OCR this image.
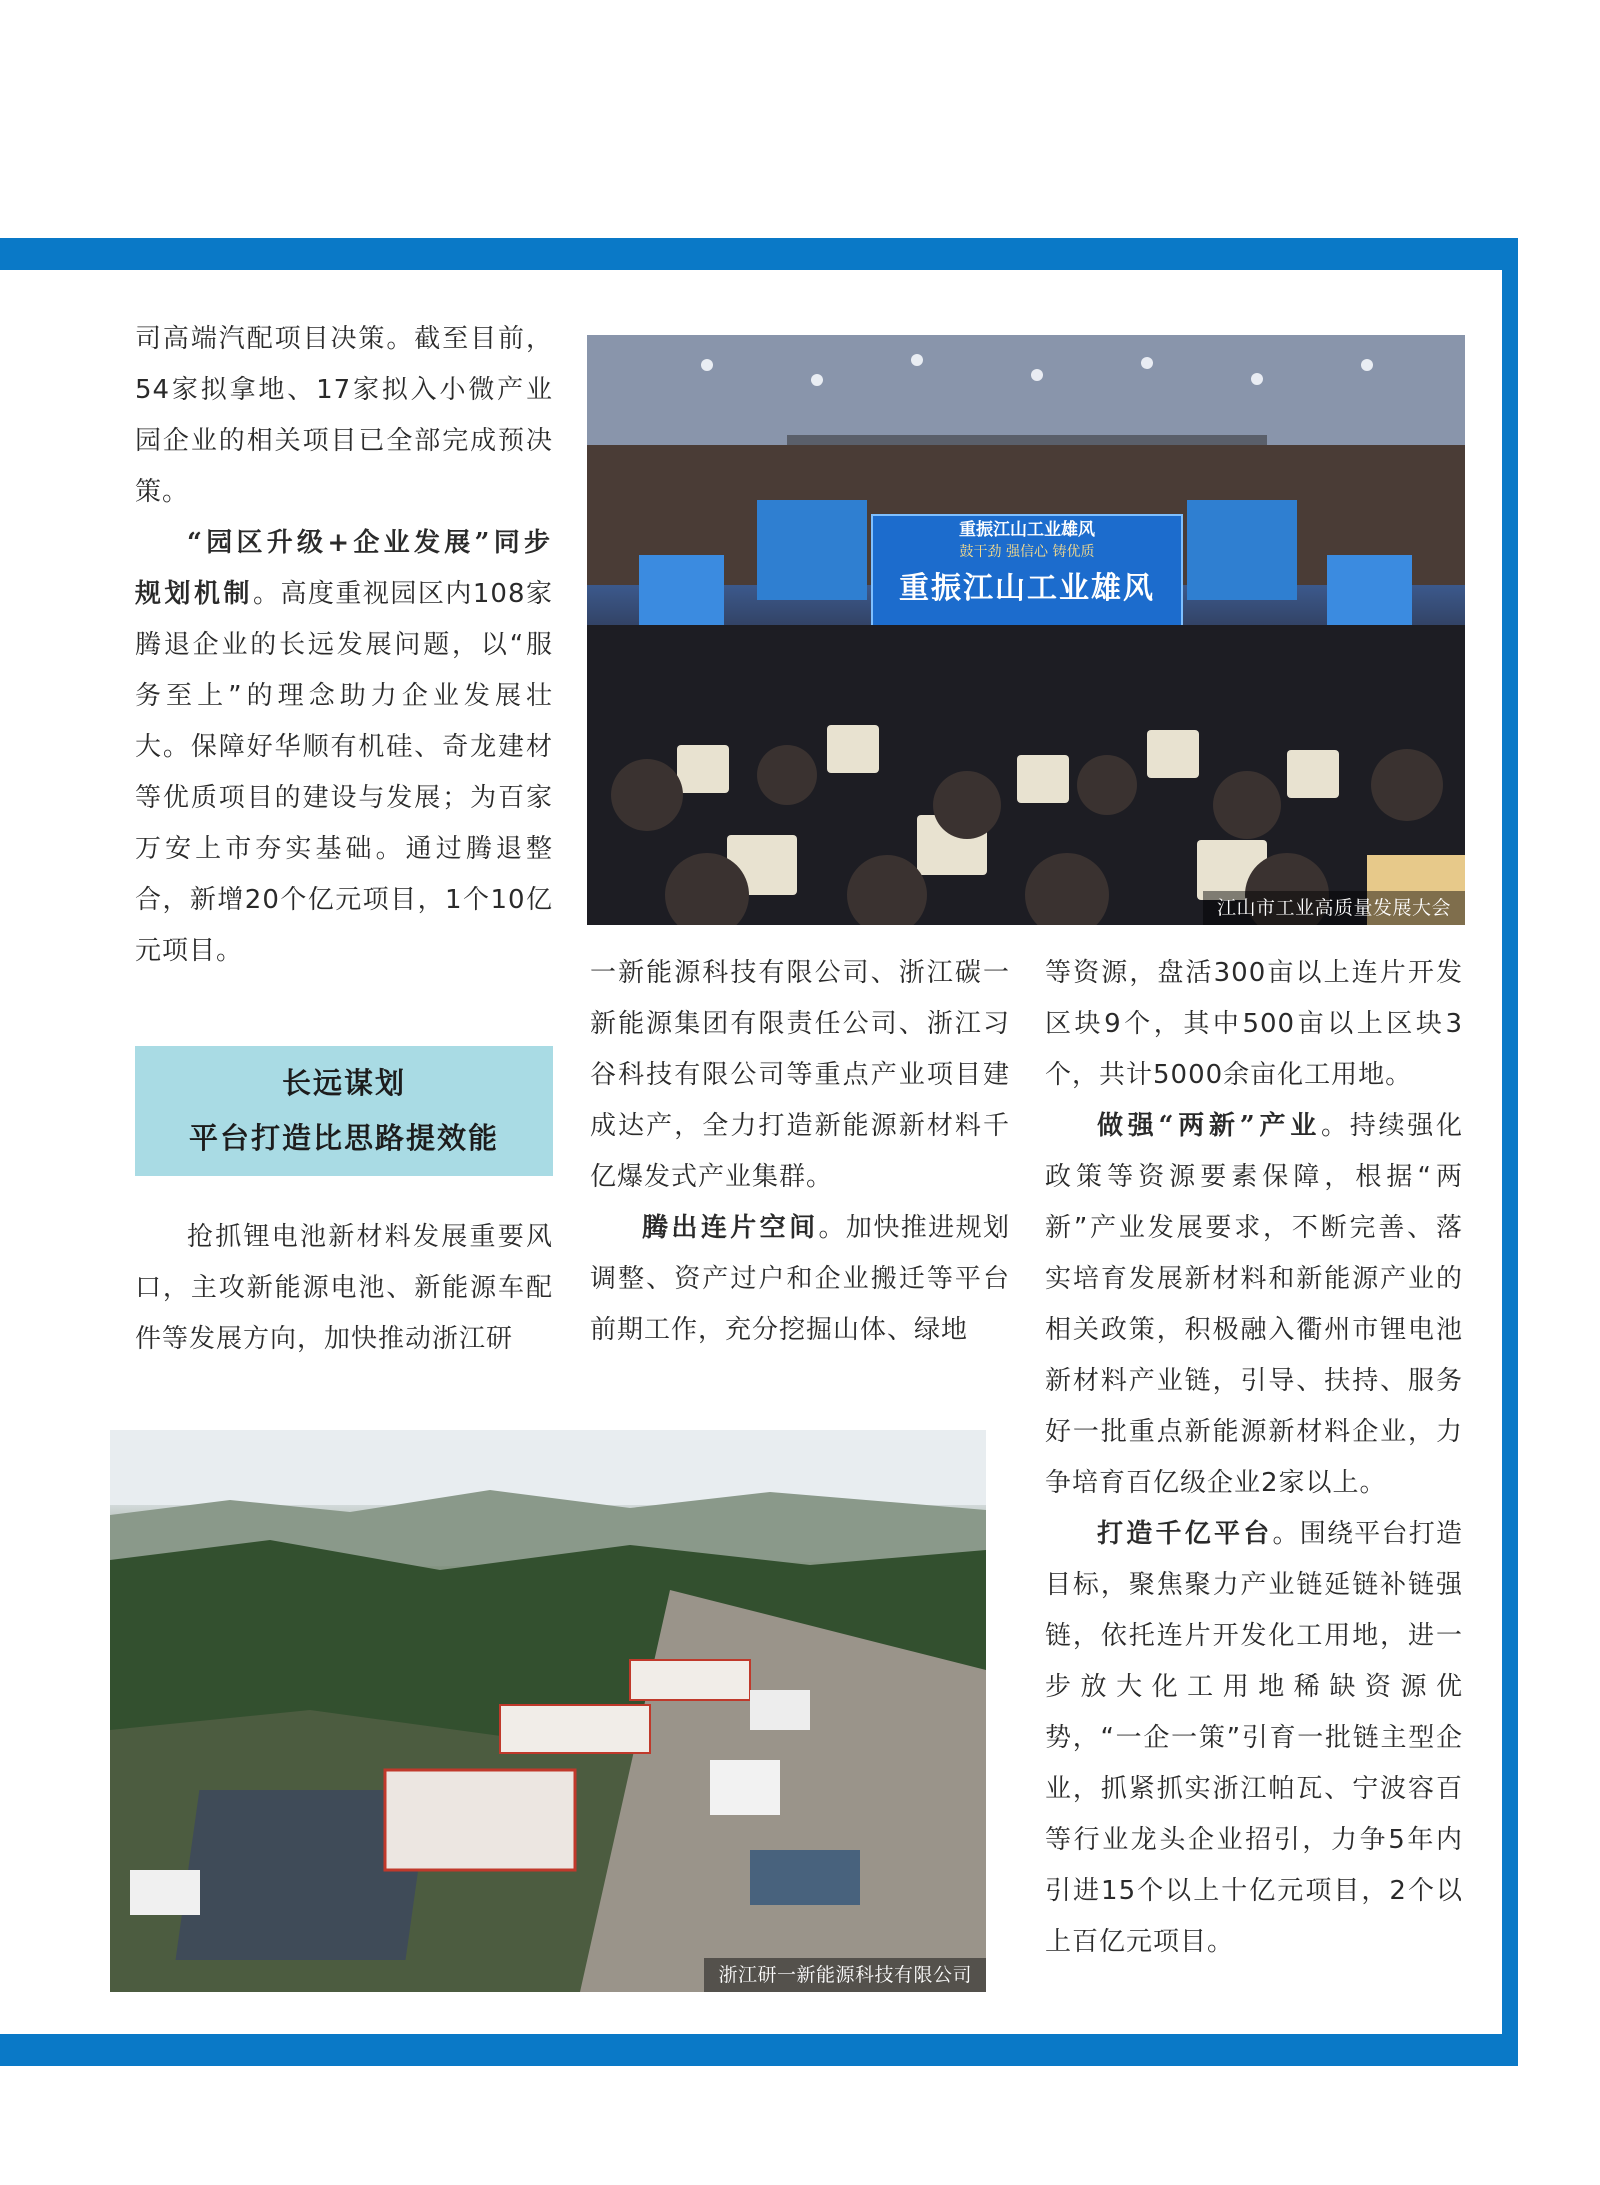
司高端汽配项目决策。截至目前，54家拟拿地、17家拟入小微产业园企业的相关项目已全部完成预决策。

“园区升级+企业发展”同步规划机制。高度重视园区内108家腾退企业的长远发展问题，以“服务至上”的理念助力企业发展壮大。保障好华顺有机硅、奇龙建材等优质项目的建设与发展；为百家万安上市夯实基础。通过腾退整合，新增20个亿元项目，1个10亿元项目。

长远谋划
平台打造比思路提效能

抢抓锂电池新材料发展重要风口，主攻新能源电池、新能源车配件等发展方向，加快推动浙江研

一新能源科技有限公司、浙江碳一新能源集团有限责任公司、浙江习谷科技有限公司等重点产业项目建成达产，全力打造新能源新材料千亿爆发式产业集群。

腾出连片空间。加快推进规划调整、资产过户和企业搬迁等平台前期工作，充分挖掘山体、绿地

等资源，盘活300亩以上连片开发区块9个，其中500亩以上区块3个，共计5000余亩化工用地。

做强“两新”产业。持续强化政策等资源要素保障，根据“两新”产业发展要求，不断完善、落实培育发展新材料和新能源产业的相关政策，积极融入衢州市锂电池新材料产业链，引导、扶持、服务好一批重点新能源新材料企业，力争培育百亿级企业2家以上。

打造千亿平台。围绕平台打造目标，聚焦聚力产业链延链补链强链，依托连片开发化工用地，进一步放大化工用地稀缺资源优势，“一企一策”引育一批链主型企业，抓紧抓实浙江帕瓦、宁波容百等行业龙头企业招引，力争5年内引进15个以上十亿元项目，2个以上百亿元项目。

重振江山工业雄风
鼓干劲 强信心 铸优质
重振江山工业雄风
江山市工业高质量发展大会
浙江研一新能源科技有限公司
